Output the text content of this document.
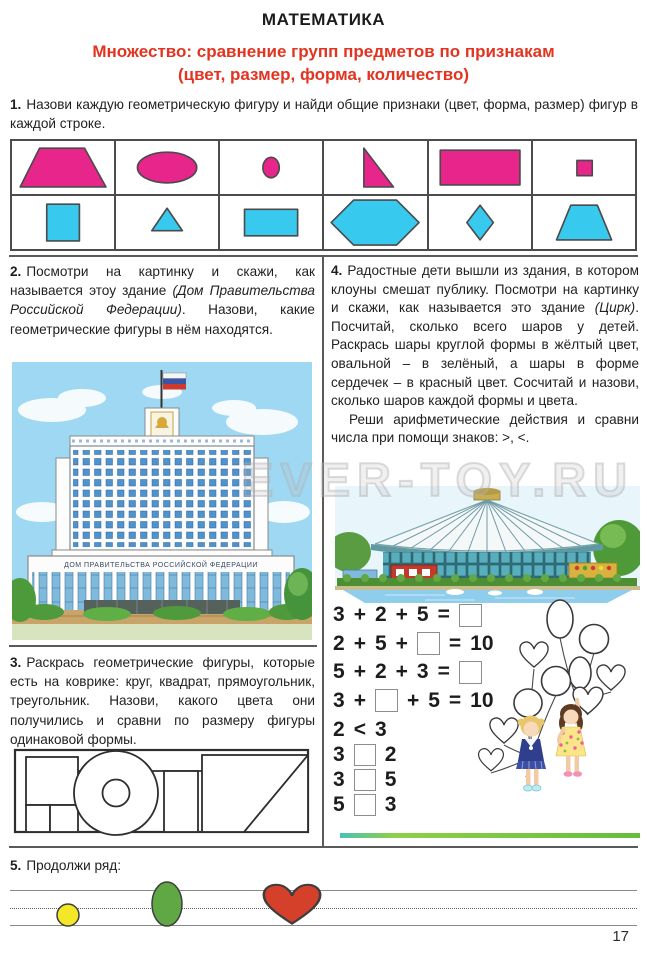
МАТЕМАТИКА
Множество: сравнение групп предметов по признакам
(цвет, размер, форма, количество)

1. Назови каждую геометрическую фигуру и найди общие признаки (цвет, форма, размер) фигур в каждой строке.

2. Посмотри на картинку и скажи, как называется этоу здание (Дом Правительства Российской Федерации). Назови, какие геометрические фигуры в нём находятся.

ДОМ ПРАВИТЕЛЬСТВА РОССИЙСКОЙ ФЕДЕРАЦИИ

3. Раскрась геометрические фигуры, которые есть на коврике: круг, квадрат, прямоугольник, треугольник. Назови, какого цвета они получились и сравни по размеру фигуры одинаковой формы.

4. Радостные дети вышли из здания, в котором клоуны смешат публику. Посмотри на картинку и скажи, как называется это здание (Цирк). Посчитай, сколько всего шаров у детей. Раскрась шары круглой формы в жёлтый цвет, овальной – в зелёный, а шары в форме сердечек – в красный цвет. Сосчитай и назови, сколько шаров каждой формы и цвета.

Реши арифметические действия и сравни числа при помощи знаков: >, <.

3 + 2 + 5 =
2 + 5 + = 10
5 + 2 + 3 =
3 + + 5 = 10
2 < 3
3 2
3 5
5 3
EVER-TOY.RU

5. Продолжи ряд:

17
